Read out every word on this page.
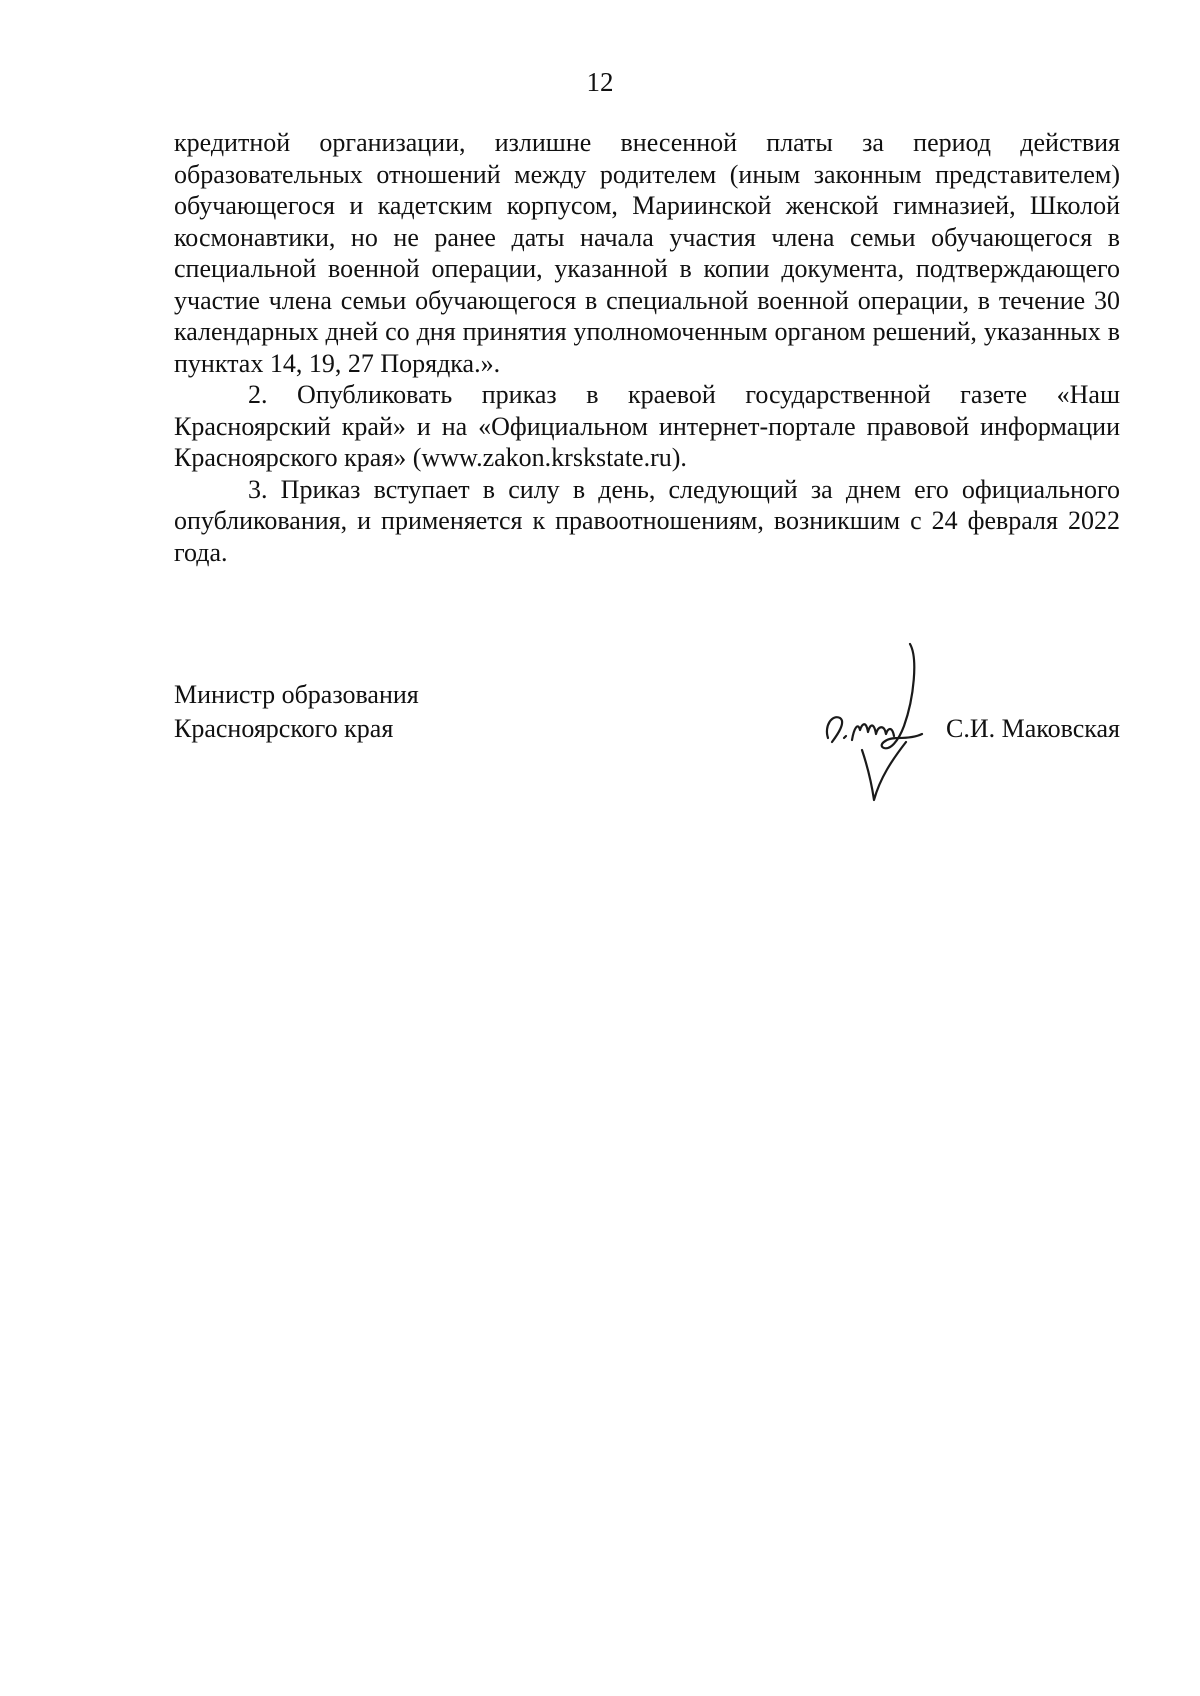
12

кредитной организации, излишне внесенной платы за период действия образовательных отношений между родителем (иным законным представителем) обучающегося и кадетским корпусом, Мариинской женской гимназией, Школой космонавтики, но не ранее даты начала участия члена семьи обучающегося в специальной военной операции, указанной в копии документа, подтверждающего участие члена семьи обучающегося в специальной военной операции, в течение 30 календарных дней со дня принятия уполномоченным органом решений, указанных в пунктах 14, 19, 27 Порядка.».

2. Опубликовать приказ в краевой государственной газете «Наш Красноярский край» и на «Официальном интернет-портале правовой информации Красноярского края» (www.zakon.krskstate.ru).

3. Приказ вступает в силу в день, следующий за днем его официального опубликования, и применяется к правоотношениям, возникшим с 24 февраля 2022 года.

Министр образования
Красноярского края	С.И. Маковская
